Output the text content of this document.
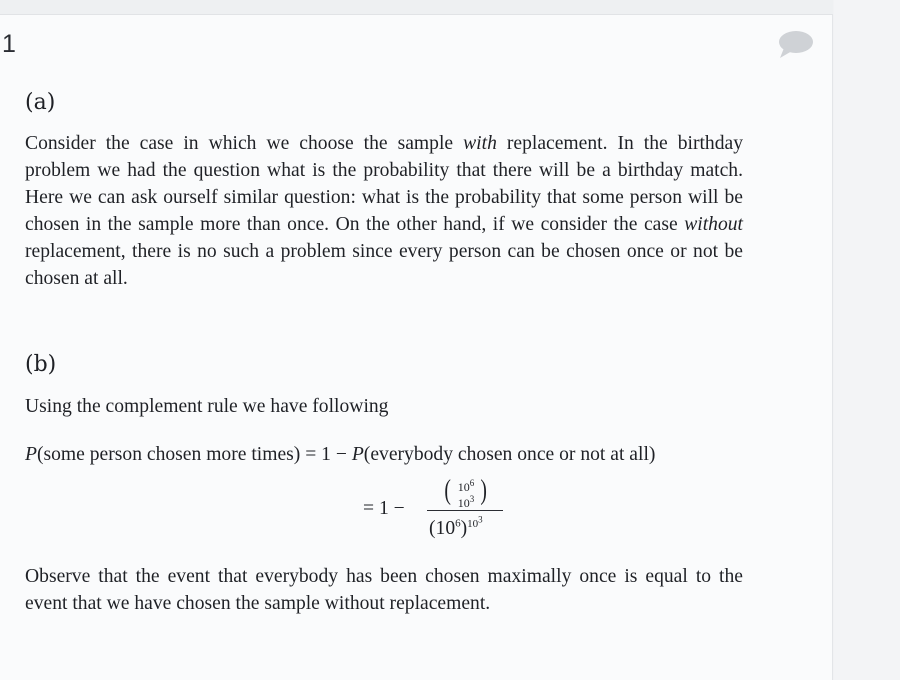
1
(a)

Consider the case in which we choose the sample with replacement. In the birthday problem we had the question what is the probability that there will be a birthday match. Here we can ask ourself similar question: what is the probability that some person will be chosen in the sample more than once. On the other hand, if we consider the case without replacement, there is no such a problem since every person can be chosen once or not be chosen at all.

(b)

Using the complement rule we have following

P(some person chosen more times) = 1 − P(everybody chosen once or not at all)
= 1 −
( $10^6$
$10^3$ )
$(10^6)^{10^3}$

Observe that the event that everybody has been chosen maximally once is equal to the event that we have chosen the sample without replacement.
